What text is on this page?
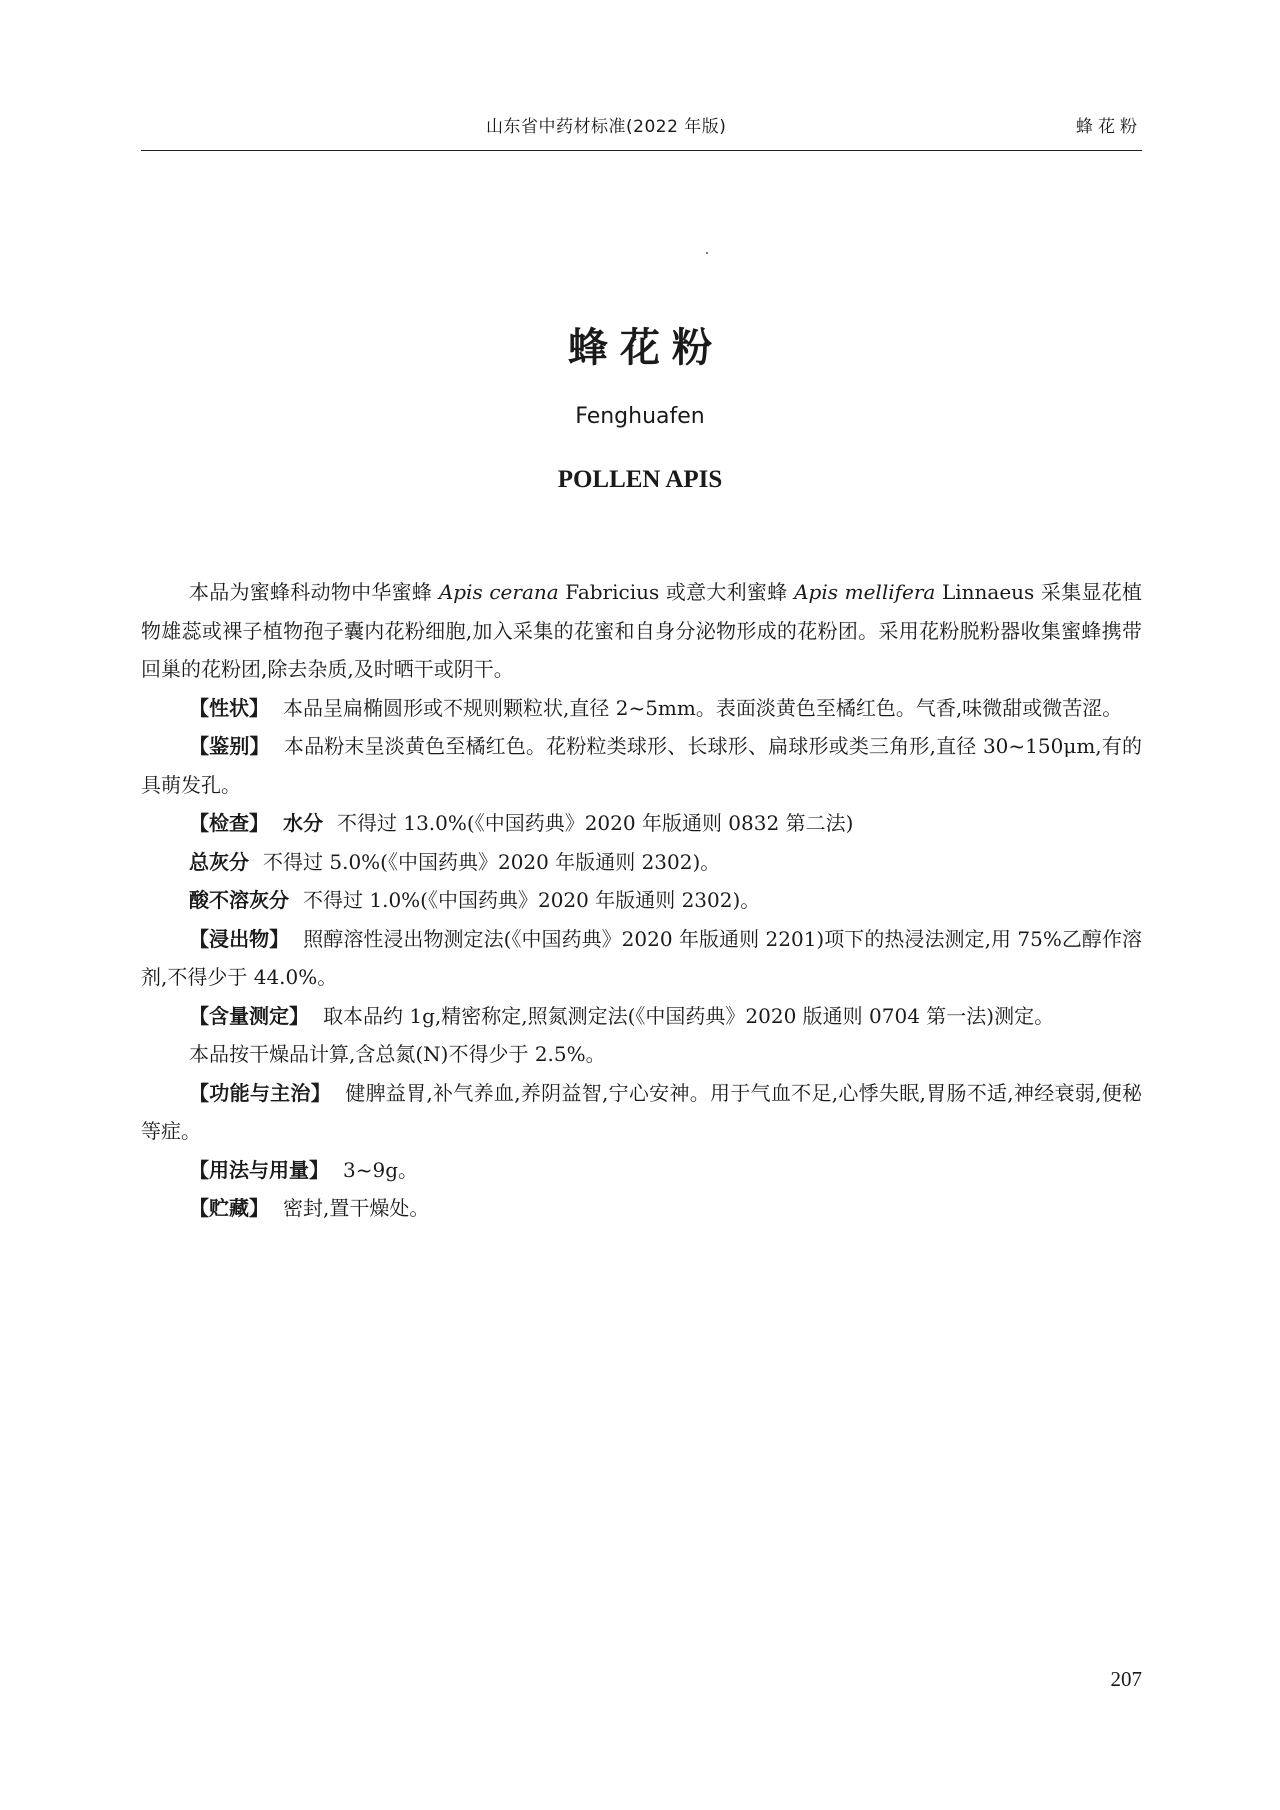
山东省中药材标准(2022 年版)	蜂花粉
蜂花粉
Fenghuafen
POLLEN APIS

本品为蜜蜂科动物中华蜜蜂 Apis cerana Fabricius 或意大利蜜蜂 Apis mellifera Linnaeus 采集显花植物雄蕊或裸子植物孢子囊内花粉细胞,加入采集的花蜜和自身分泌物形成的花粉团。采用花粉脱粉器收集蜜蜂携带回巢的花粉团,除去杂质,及时晒干或阴干。

【性状】 本品呈扁椭圆形或不规则颗粒状,直径 2~5mm。表面淡黄色至橘红色。气香,味微甜或微苦涩。

【鉴别】 本品粉末呈淡黄色至橘红色。花粉粒类球形、长球形、扁球形或类三角形,直径 30~150μm,有的具萌发孔。

【检查】 水分 不得过 13.0%(《中国药典》2020 年版通则 0832 第二法)

总灰分 不得过 5.0%(《中国药典》2020 年版通则 2302)。

酸不溶灰分 不得过 1.0%(《中国药典》2020 年版通则 2302)。

【浸出物】 照醇溶性浸出物测定法(《中国药典》2020 年版通则 2201)项下的热浸法测定,用 75%乙醇作溶剂,不得少于 44.0%。

【含量测定】 取本品约 1g,精密称定,照氮测定法(《中国药典》2020 版通则 0704 第一法)测定。

本品按干燥品计算,含总氮(N)不得少于 2.5%。

【功能与主治】 健脾益胃,补气养血,养阴益智,宁心安神。用于气血不足,心悸失眠,胃肠不适,神经衰弱,便秘等症。

【用法与用量】 3~9g。

【贮藏】 密封,置干燥处。

207
